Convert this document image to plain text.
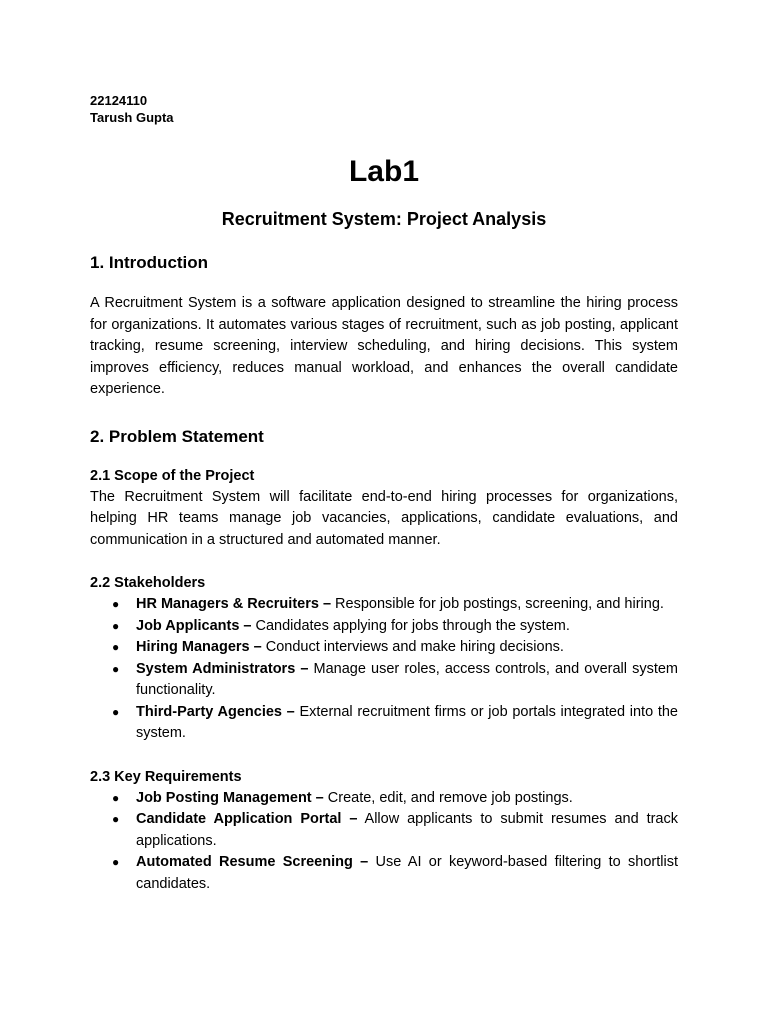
22124110
Tarush Gupta
Lab1
Recruitment System: Project Analysis
1. Introduction

A Recruitment System is a software application designed to streamline the hiring process for organizations. It automates various stages of recruitment, such as job posting, applicant tracking, resume screening, interview scheduling, and hiring decisions. This system improves efficiency, reduces manual workload, and enhances the overall candidate experience.

2. Problem Statement
2.1 Scope of the Project

The Recruitment System will facilitate end-to-end hiring processes for organizations, helping HR teams manage job vacancies, applications, candidate evaluations, and communication in a structured and automated manner.

2.2 Stakeholders
● HR Managers & Recruiters – Responsible for job postings, screening, and hiring.
● Job Applicants – Candidates applying for jobs through the system.
● Hiring Managers – Conduct interviews and make hiring decisions.
● System Administrators – Manage user roles, access controls, and overall system functionality.
● Third-Party Agencies – External recruitment firms or job portals integrated into the system.
2.3 Key Requirements
● Job Posting Management – Create, edit, and remove job postings.
● Candidate Application Portal – Allow applicants to submit resumes and track applications.
● Automated Resume Screening – Use AI or keyword-based filtering to shortlist candidates.
